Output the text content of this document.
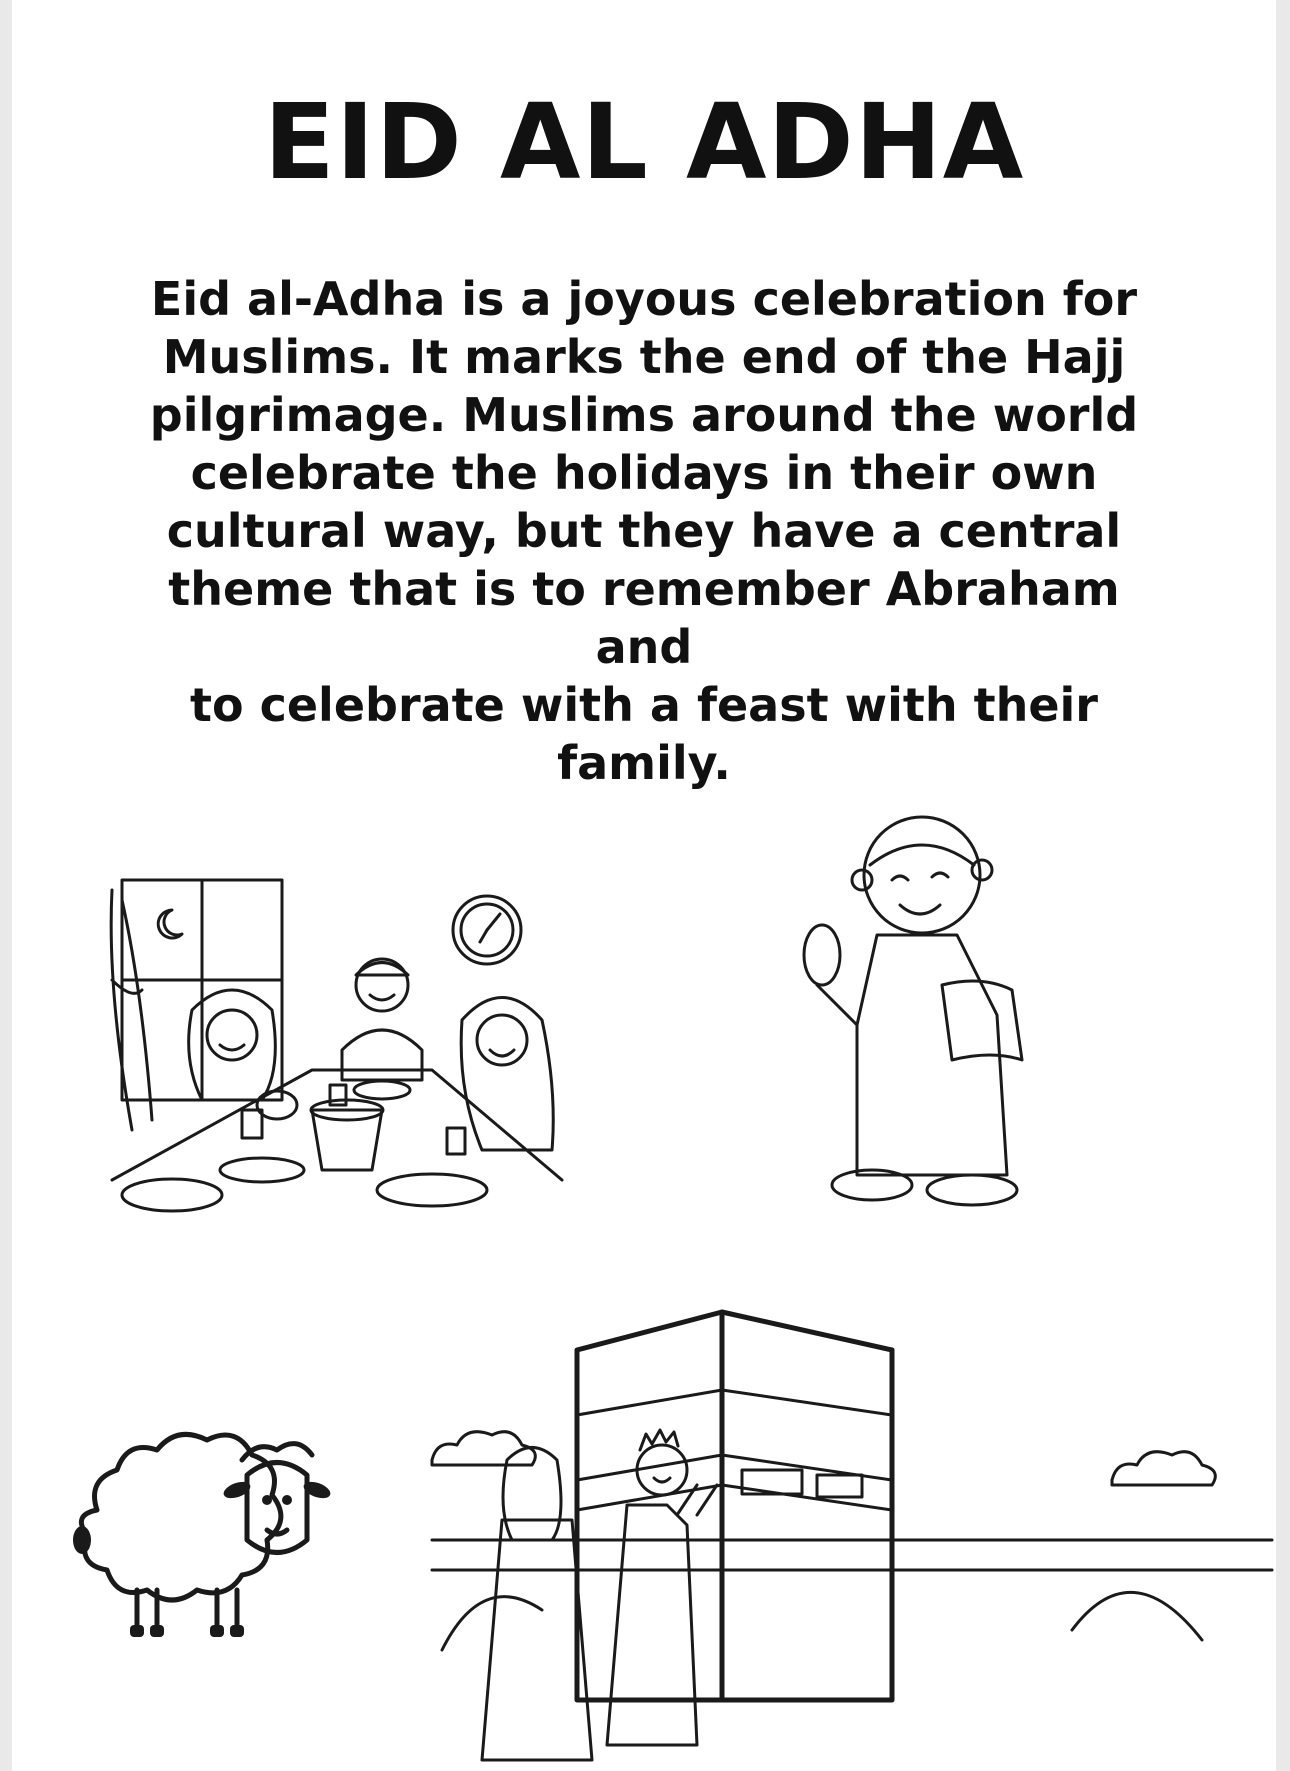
EID AL ADHA
Eid al-Adha is a joyous celebration for
Muslims. It marks the end of the Hajj
pilgrimage. Muslims around the world
celebrate the holidays in their own
cultural way, but they have a central
theme that is to remember Abraham and
to celebrate with a feast with their
family.
